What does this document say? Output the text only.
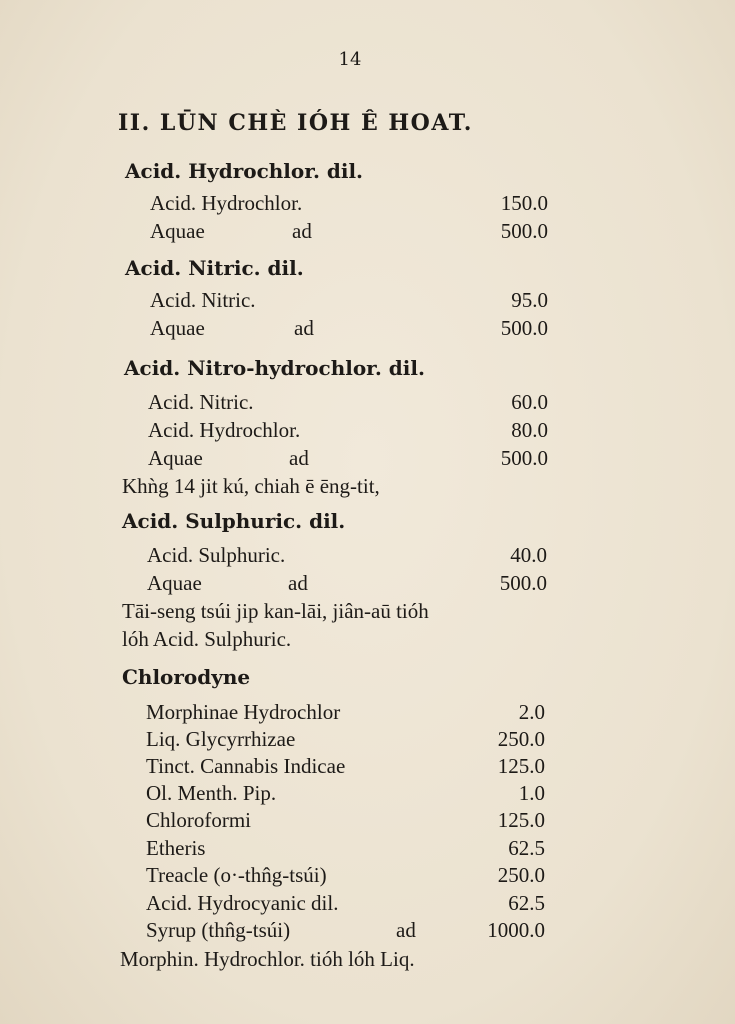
14
II. LŪN CHÈ IÓH Ê HOAT.
Acid. Hydrochlor. dil.
Acid. Hydrochlor.	150.0
Aquae	ad	500.0
Acid. Nitric. dil.
Acid. Nitric.	95.0
Aquae	ad	500.0
Acid. Nitro-hydrochlor. dil.
Acid. Nitric.	60.0
Acid. Hydrochlor.	80.0
Aquae	ad	500.0
Khǹg 14 jit kú, chiah ē ēng-tit,
Acid. Sulphuric. dil.
Acid. Sulphuric.	40.0
Aquae	ad	500.0
Tāi-seng tsúi jip kan-lāi, jiân-aū tióh
lóh Acid. Sulphuric.
Chlorodyne
Morphinae Hydrochlor	2.0
Liq. Glycyrrhizae	250.0
Tinct. Cannabis Indicae	125.0
Ol. Menth. Pip.	1.0
Chloroformi	125.0
Etheris	62.5
Treacle (o·-thn̂g-tsúi)	250.0
Acid. Hydrocyanic dil.	62.5
Syrup (thn̂g-tsúi)	ad	1000.0
Morphin. Hydrochlor. tióh lóh Liq.
